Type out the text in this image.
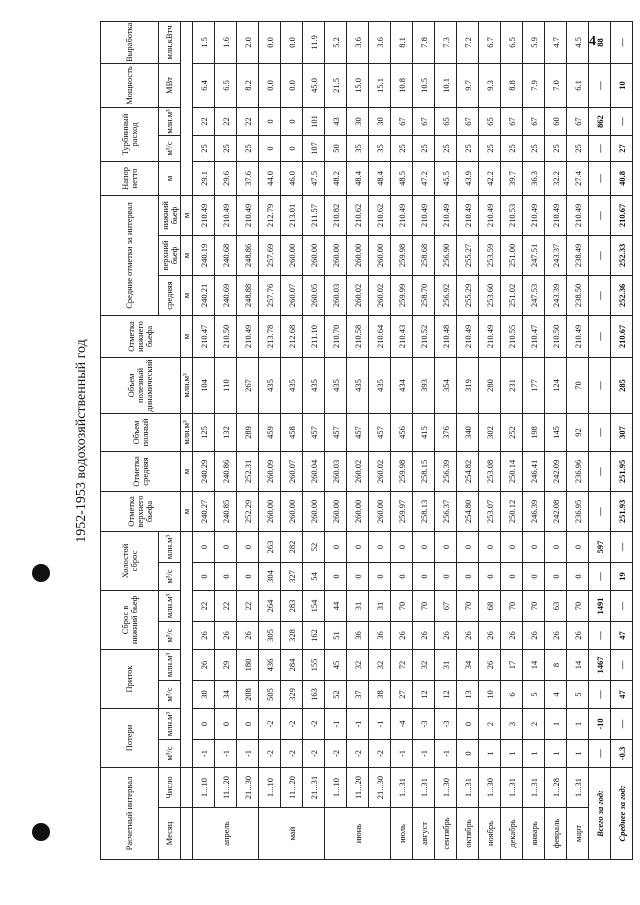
4
1952-1953 водохозяйственный год
Расчетный интервал		Потери		Приток		Сброс в нижний бьеф		Холостой сброс		Отметка верхнего бьефа	Отметка средняя	Объем полный	Объем полезный динамический	Отметка нижнего бьефа	Средние отметки за интервал			Напор нетто	Турбинный расход		Мощность	Выработка
Месяц	Число	м³/с	млн.м³	м³/с	млн.м³	м³/с	млн.м³	м³/с	млн.м³						средняя	верхний бьеф	нижний бьеф	м	м³/с	млн.м³	МВт	млн.кВтч
										м	м	млн.м³	млн.м³	м	м	м	м					
апрель	1...10	-1	0	30	26	26	22	0	0	240.27	240.29	125	104	210.47	240.21	240.19	210.49	29.1	25	22	6.4	1.5
	11...20	-1	0	34	29	26	22	0	0	240.85	240.86	132	110	210.50	240.69	240.68	210.49	29.6	25	22	6.5	1.6
	21...30	-1	0	208	180	26	22	0	0	252.29	252.31	289	267	210.49	248.88	248.86	210.49	37.6	25	22	8.2	2.0
май	1...10	-2	-2	505	436	305	264	304	263	260.00	260.09	459	435	213.78	257.76	257.69	212.79	44.0	0	0	0.0	0.0
	11...20	-2	-2	329	284	328	283	327	282	260.00	260.07	458	435	212.68	260.07	260.00	213.01	46.0	0	0	0.0	0.0
	21...31	-2	-2	163	155	162	154	54	52	260.00	260.04	457	435	211.10	260.05	260.00	211.57	47.5	107	101	45.0	11.9
июнь	1...10	-2	-1	52	45	51	44	0	0	260.00	260.03	457	435	210.70	260.03	260.00	210.82	48.2	50	43	21.5	5.2
	11...20	-2	-1	37	32	36	31	0	0	260.00	260.02	457	435	210.58	260.02	260.00	210.62	48.4	35	30	15.0	3.6
	21...30	-2	-1	38	32	36	31	0	0	260.00	260.02	457	435	210.64	260.02	260.00	210.62	48.4	35	30	15.1	3.6
июль	1...31	-1	-4	27	72	26	70	0	0	259.97	259.98	456	434	210.43	259.99	259.98	210.49	48.5	25	67	10.8	8.1
август	1...31	-1	-3	12	32	26	70	0	0	258.13	258.15	415	393	210.52	258.70	258.68	210.49	47.2	25	67	10.5	7.8
сентябрь	1...30	-1	-3	12	31	26	67	0	0	256.37	256.39	376	354	210.48	256.92	256.90	210.49	45.5	25	65	10.1	7.3
октябрь	1...31	0	0	13	34	26	70	0	0	254.80	254.82	340	319	210.49	255.29	255.27	210.49	43.9	25	67	9.7	7.2
ноябрь	1...30	1	2	10	26	26	68	0	0	253.07	253.08	302	280	210.49	253.60	253.59	210.49	42.2	25	65	9.3	6.7
декабрь	1...31	1	3	6	17	26	70	0	0	250.12	250.14	252	231	210.55	251.02	251.00	210.53	39.7	25	67	8.8	6.5
январь	1...31	1	2	5	14	26	70	0	0	246.39	246.41	198	177	210.47	247.53	247.51	210.49	36.3	25	67	7.9	5.9
февраль	1...28	1	1	4	8	26	63	0	0	242.08	242.09	145	124	210.50	243.39	243.37	210.49	32.2	25	60	7.0	4.7
март	1...31	1	1	5	14	26	70	0	0	236.95	236.96	92	70	210.49	238.50	238.49	210.49	27.4	25	67	6.1	4.5
Всего за год:		—	-10	—	1467	—	1491	—	597	—	—	—	—	—	—	—	—	—	—	862	—	88
Среднее за год:		-0.3	—	47	—	47	—	19	—	251.93	251.95	307	285	210.67	252.36	252.33	210.67	40.8	27	—	10	—
